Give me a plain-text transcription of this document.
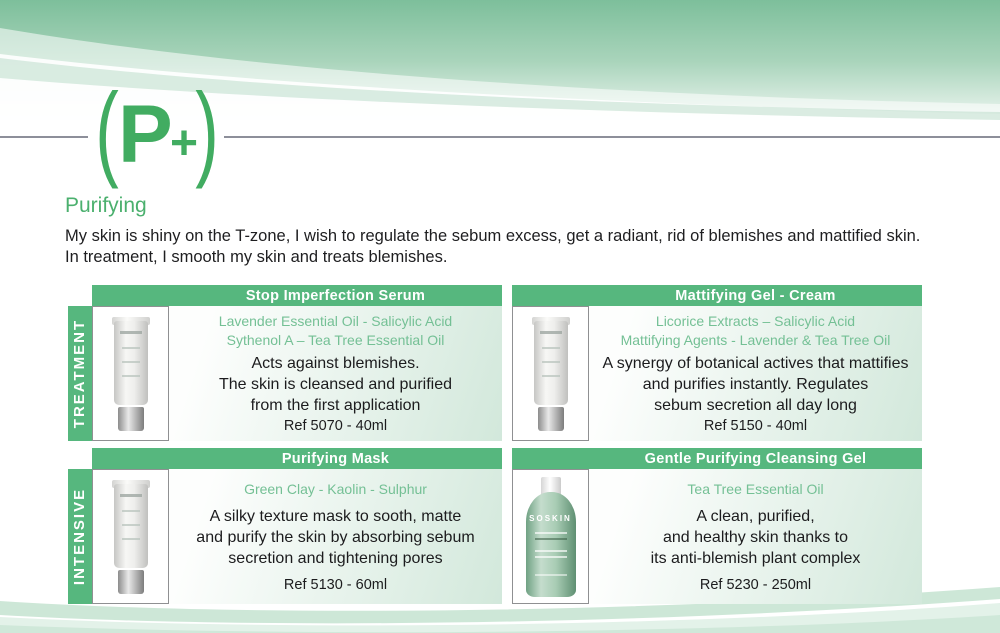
( P +
)
Purifying

My skin is shiny on the T-zone, I wish to regulate the sebum excess, get a radiant, rid of blemishes and mattified skin.
In treatment, I smooth my skin and treats blemishes.

TREATMENT
INTENSIVE
Stop Imperfection Serum
Lavender Essential Oil - Salicylic Acid
Sythenol A – Tea Tree Essential Oil
Acts against blemishes.
The skin is cleansed and purified
from the first application
Ref 5070 - 40ml
Mattifying Gel - Cream
Licorice Extracts – Salicylic Acid
Mattifying Agents - Lavender & Tea Tree Oil
A synergy of botanical actives that mattifies
and purifies instantly. Regulates
sebum secretion all day long
Ref 5150 - 40ml
Purifying Mask
Green Clay - Kaolin - Sulphur
A silky texture mask to sooth, matte
and purify the skin by absorbing sebum
secretion and tightening pores
Ref 5130 - 60ml
Gentle Purifying Cleansing Gel
SOSKIN
Tea Tree Essential Oil
A clean, purified,
and healthy skin thanks to
its anti-blemish plant complex
Ref 5230 - 250ml
